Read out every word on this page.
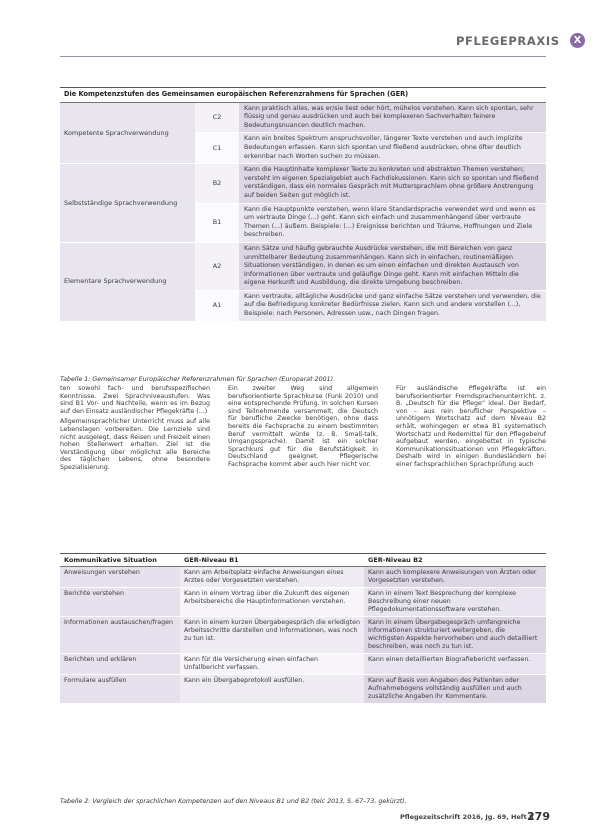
PFLEGEPRAXIS	X
Die Kompetenzstufen des Gemeinsamen europäischen Referenzrahmens für Sprachen (GER)
Kompetente Sprachverwendung	C2	Kann praktisch alles, was er/sie liest oder hört, mühelos verstehen. Kann sich spontan, sehr flüssig und genau ausdrücken und auch bei komplexeren Sachverhalten feinere Bedeutungsnuancen deutlich machen.
	C1	Kann ein breites Spektrum anspruchsvoller, längerer Texte verstehen und auch implizite Bedeutungen erfassen. Kann sich spontan und fließend ausdrücken, ohne öfter deutlich erkennbar nach Worten suchen zu müssen.
Selbstständige Sprachverwendung	B2	Kann die Hauptinhalte komplexer Texte zu konkreten und abstrakten Themen verstehen; versteht im eigenen Spezialgebiet auch Fachdiskussionen. Kann sich so spontan und fließend verständigen, dass ein normales Gespräch mit Muttersprachlern ohne größere Anstrengung auf beiden Seiten gut möglich ist.
	B1	Kann die Hauptpunkte verstehen, wenn klare Standardsprache verwendet wird und wenn es um vertraute Dinge (...) geht. Kann sich einfach und zusammenhängend über vertraute Themen (...) äußern. Beispiele: (...) Ereignisse berichten und Träume, Hoffnungen und Ziele beschreiben.
Elementare Sprachverwendung	A2	Kann Sätze und häufig gebrauchte Ausdrücke verstehen, die mit Bereichen von ganz unmittelbarer Bedeutung zusammenhängen. Kann sich in einfachen, routinemäßigen Situationen verständigen, in denen es um einen einfachen und direkten Austausch von Informationen über vertraute und geläufige Dinge geht. Kann mit einfachen Mitteln die eigene Herkunft und Ausbildung, die direkte Umgebung beschreiben.
	A1	Kann vertraute, alltägliche Ausdrücke und ganz einfache Sätze verstehen und verwenden, die auf die Befriedigung konkreter Bedürfnisse zielen. Kann sich und andere vorstellen (...), Beispiele: nach Personen, Adressen usw., nach Dingen fragen.
Tabelle 1: Gemeinsamer Europäischer Referenzrahmen für Sprachen (Europarat 2001).

ten sowohl fach- und berufsspezifischen Kenntnisse. Zwei Sprachniveaustufen: Was sind B1 Vor- und Nachteile, wenn es im Bezug auf den Einsatz ausländischer Pflegekräfte (...)

Allgemeinsprachlicher Unterricht muss auf alle Lebenslagen vorbereiten. Die Lernziele sind nicht ausgelegt, dass Reisen und Freizeit einen hohen Stellenwert erhalten. Ziel ist die Verständigung über möglichst alle Bereiche des täglichen Lebens, ohne besondere Spezialisierung.

Ein zweiter Weg sind allgemein berufsorientierte Sprachkurse (Funk 2010) und eine entsprechende Prüfung. In solchen Kursen sind Teilnehmende versammelt, die Deutsch für berufliche Zwecke benötigen, ohne dass bereits die Fachsprache zu einem bestimmten Beruf vermittelt würde (z. B. Small-talk, Umgangssprache). Damit ist ein solcher Sprachkurs gut für die Berufstätigkeit in Deutschland geeignet. Pflegerische Fachsprache kommt aber auch hier nicht vor.

Für ausländische Pflegekräfte ist ein berufsorientierter Fremdsprachenunterricht, z. B. „Deutsch für die Pflege“ ideal. Der Bedarf, von – aus rein beruflicher Perspektive – unnötigem Wortschatz auf dem Niveau B2 erhält, wohingegen er etwa B1 systematisch Wortschatz und Redemittel für den Pflegeberuf aufgebaut werden, eingebettet in typische Kommunikationssituationen von Pflegekräften. Deshalb wird in einigen Bundesländern bei einer fachsprachlichen Sprachprüfung auch

Kommunikative Situation	GER-Niveau B1	GER-Niveau B2
Anweisungen verstehen	Kann am Arbeitsplatz einfache Anweisungen eines Arztes oder Vorgesetzten verstehen.	Kann auch komplexere Anweisungen von Ärzten oder Vorgesetzten verstehen.
Berichte verstehen	Kann in einem Vortrag über die Zukunft des eigenen Arbeitsbereichs die Hauptinformationen verstehen.	Kann in einem Text Besprechung der komplexe Beschreibung einer neuen Pflegedokumentationssoftware verstehen.
Informationen austauschen/fragen	Kann in einem kurzen Übergabegespräch die erledigten Arbeitsschritte darstellen und Informationen, was noch zu tun ist.	Kann in einem Übergabegespräch umfangreiche Informationen strukturiert weitergeben, die wichtigsten Aspekte hervorheben und auch detailliert beschreiben, was noch zu tun ist.
Berichten und erklären	Kann für die Versicherung einen einfachen Unfallbericht verfassen.	Kann einen detaillierten Biografiebericht verfassen.
Formulare ausfüllen	Kann ein Übergabeprotokoll ausfüllen.	Kann auf Basis von Angaben des Patienten oder Aufnahmebogens vollständig ausfüllen und auch zusätzliche Angaben ihr Kommentare.
Tabelle 2: Vergleich der sprachlichen Kompetenzen auf den Niveaus B1 und B2 (telc 2013, S. 67–73, gekürzt).
Pflegezeitschrift 2016, Jg. 69, Heft 5
279
